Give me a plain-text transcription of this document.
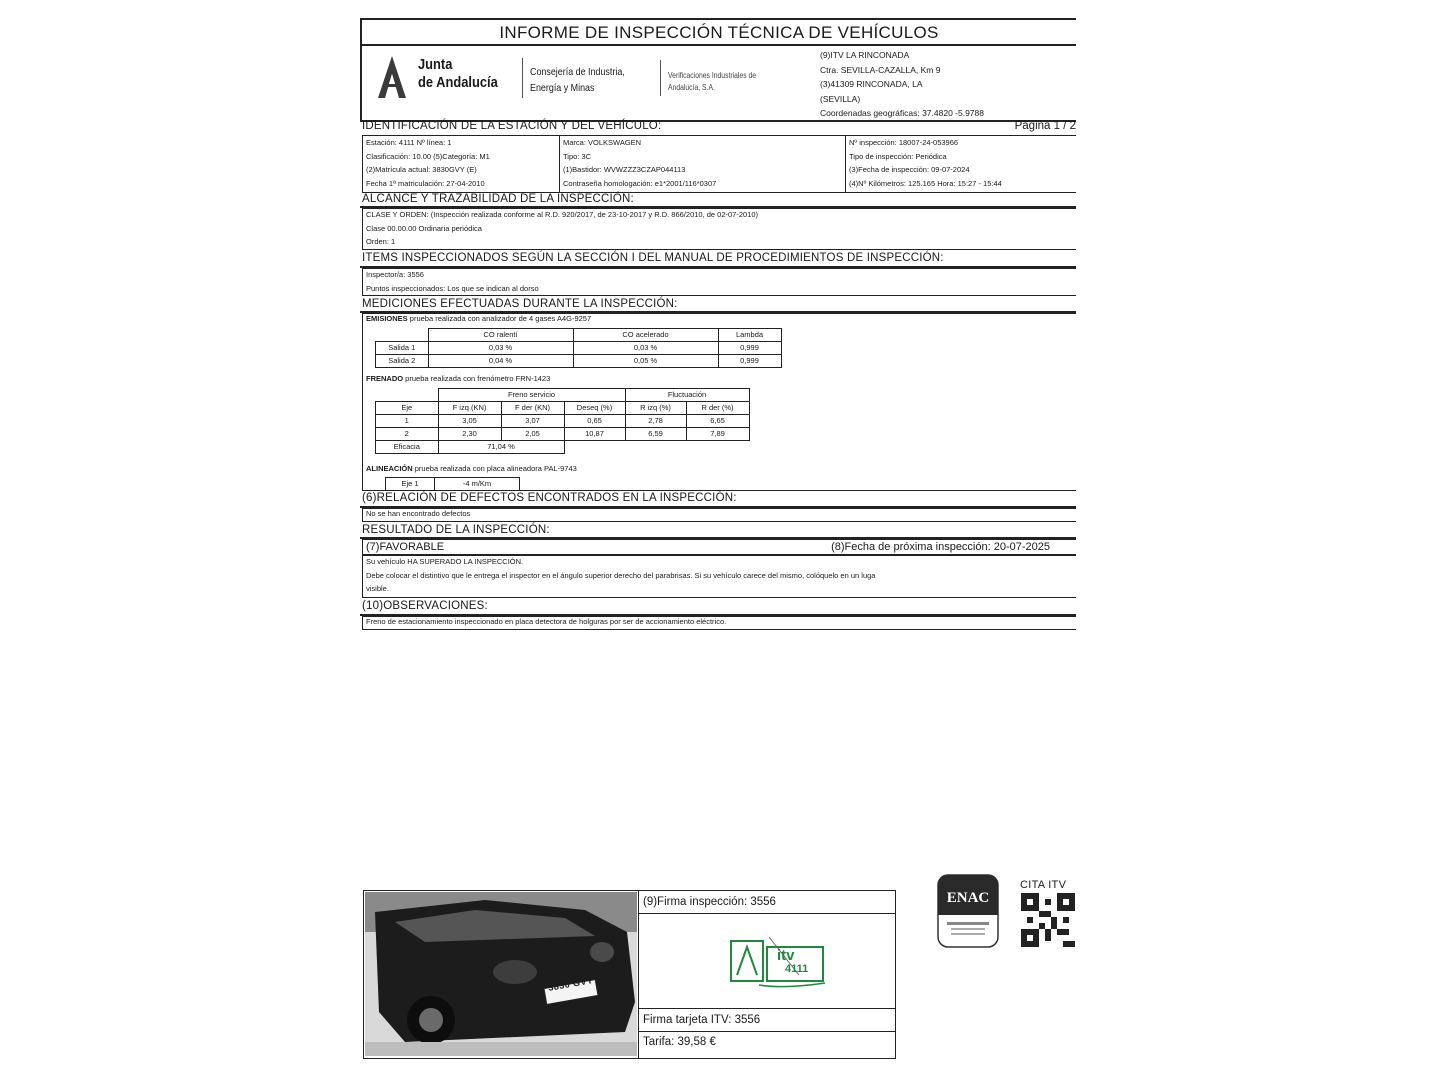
INFORME DE INSPECCIÓN TÉCNICA DE VEHÍCULOS
Junta
de Andalucía
Consejería de Industria,
Energía y Minas
Verificaciones Industriales de
Andalucía, S.A.
(9)ITV LA RINCONADA
Ctra. SEVILLA-CAZALLA, Km 9
(3)41309 RINCONADA, LA
(SEVILLA)
Coordenadas geográficas: 37.4820 -5.9788
IDENTIFICACIÓN DE LA ESTACIÓN Y DEL VEHÍCULO:	Página 1 / 2
Estación: 4111 Nº línea: 1
Clasificación: 10.00 (5)Categoría: M1
(2)Matrícula actual: 3830GVY (E)
Fecha 1ª matriculación: 27-04-2010
Marca: VOLKSWAGEN
Tipo: 3C
(1)Bastidor: WVWZZZ3CZAP044113
Contraseña homologación: e1*2001/116*0307
Nº inspección: 18007-24-053966
Tipo de inspección: Periódica
(3)Fecha de inspección: 09-07-2024
(4)Nº Kilómetros: 125.165 Hora: 15:27 - 15:44
ALCANCE Y TRAZABILIDAD DE LA INSPECCIÓN:
CLASE Y ORDEN: (Inspección realizada conforme al R.D. 920/2017, de 23-10-2017 y R.D. 866/2010, de 02-07-2010)
Clase 00.00.00 Ordinaria periódica
Orden: 1
ITEMS INSPECCIONADOS SEGÚN LA SECCIÓN I DEL MANUAL DE PROCEDIMIENTOS DE INSPECCIÓN:
Inspector/a: 3556
Puntos inspeccionados: Los que se indican al dorso
MEDICIONES EFECTUADAS DURANTE LA INSPECCIÓN:
EMISIONES prueba realizada con analizador de 4 gases A4G-9257
	CO ralentí	CO acelerado	Lambda
Salida 1	0,03 %	0,03 %	0,999
Salida 2	0,04 %	0,05 %	0,999
FRENADO prueba realizada con frenómetro FRN-1423
	Freno servicio			Fluctuación	
Eje	F izq (KN)	F der (KN)	Deseq (%)	R izq (%)	R der (%)
1	3,05	3,07	0,65	2,78	6,65
2	2,30	2,05	10,87	6,59	7,89
Eficacia	71,04 %				
ALINEACIÓN prueba realizada con placa alineadora PAL-9743
Eje 1	-4 m/Km
(6)RELACIÓN DE DEFECTOS ENCONTRADOS EN LA INSPECCIÓN:
No se han encontrado defectos
RESULTADO DE LA INSPECCIÓN:
(7)FAVORABLE	(8)Fecha de próxima inspección: 20-07-2025
Su vehículo HA SUPERADO LA INSPECCIÓN.
Debe colocar el distintivo que le entrega el inspector en el ángulo superior derecho del parabrisas. Si su vehículo carece del mismo, colóquelo en un luga
visible.
(10)OBSERVACIONES:
Freno de estacionamiento inspeccionado en placa detectora de holguras por ser de accionamiento eléctrico.
3830 GVY
(9)Firma inspección: 3556
itv
4111
Firma tarjeta ITV: 3556
Tarifa: 39,58 €
ENAC
CITA ITV
